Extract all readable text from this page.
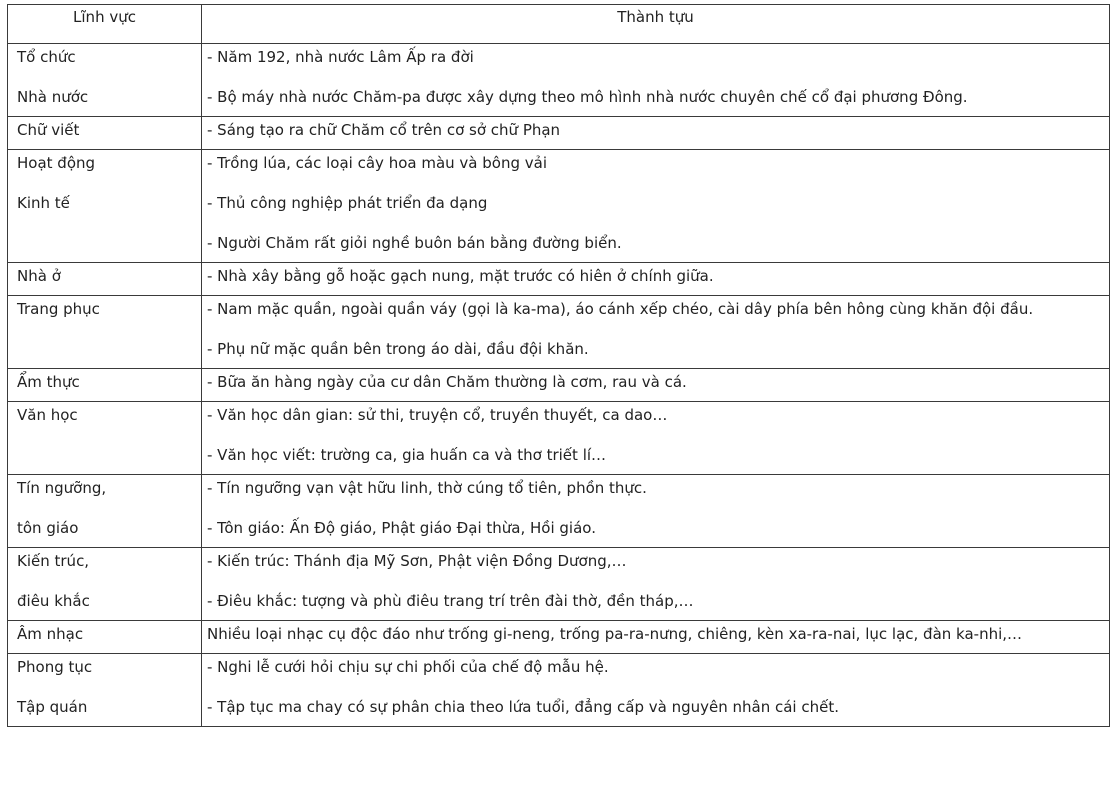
Lĩnh vực	Thành tựu

Tổ chức
Nhà nước	- Năm 192, nhà nước Lâm Ấp ra đời
- Bộ máy nhà nước Chăm-pa được xây dựng theo mô hình nhà nước chuyên chế cổ đại phương Đông.

Chữ viết	- Sáng tạo ra chữ Chăm cổ trên cơ sở chữ Phạn

Hoạt động
Kinh tế	- Trồng lúa, các loại cây hoa màu và bông vải
- Thủ công nghiệp phát triển đa dạng
- Người Chăm rất giỏi nghề buôn bán bằng đường biển.

Nhà ở	- Nhà xây bằng gỗ hoặc gạch nung, mặt trước có hiên ở chính giữa.

Trang phục	- Nam mặc quần, ngoài quần váy (gọi là ka-ma), áo cánh xếp chéo, cài dây phía bên hông cùng khăn đội đầu.
- Phụ nữ mặc quần bên trong áo dài, đầu đội khăn.

Ẩm thực	- Bữa ăn hàng ngày của cư dân Chăm thường là cơm, rau và cá.

Văn học	- Văn học dân gian: sử thi, truyện cổ, truyền thuyết, ca dao…
- Văn học viết: trường ca, gia huấn ca và thơ triết lí…

Tín ngưỡng,
tôn giáo	- Tín ngưỡng vạn vật hữu linh, thờ cúng tổ tiên, phồn thực.
- Tôn giáo: Ấn Độ giáo, Phật giáo Đại thừa, Hồi giáo.

Kiến trúc,
điêu khắc	- Kiến trúc: Thánh địa Mỹ Sơn, Phật viện Đồng Dương,…
- Điêu khắc: tượng và phù điêu trang trí trên đài thờ, đền tháp,…

Âm nhạc	Nhiều loại nhạc cụ độc đáo như trống gi-neng, trống pa-ra-nưng, chiêng, kèn xa-ra-nai, lục lạc, đàn ka-nhi,…

Phong tục
Tập quán	- Nghi lễ cưới hỏi chịu sự chi phối của chế độ mẫu hệ.
- Tập tục ma chay có sự phân chia theo lứa tuổi, đẳng cấp và nguyên nhân cái chết.
